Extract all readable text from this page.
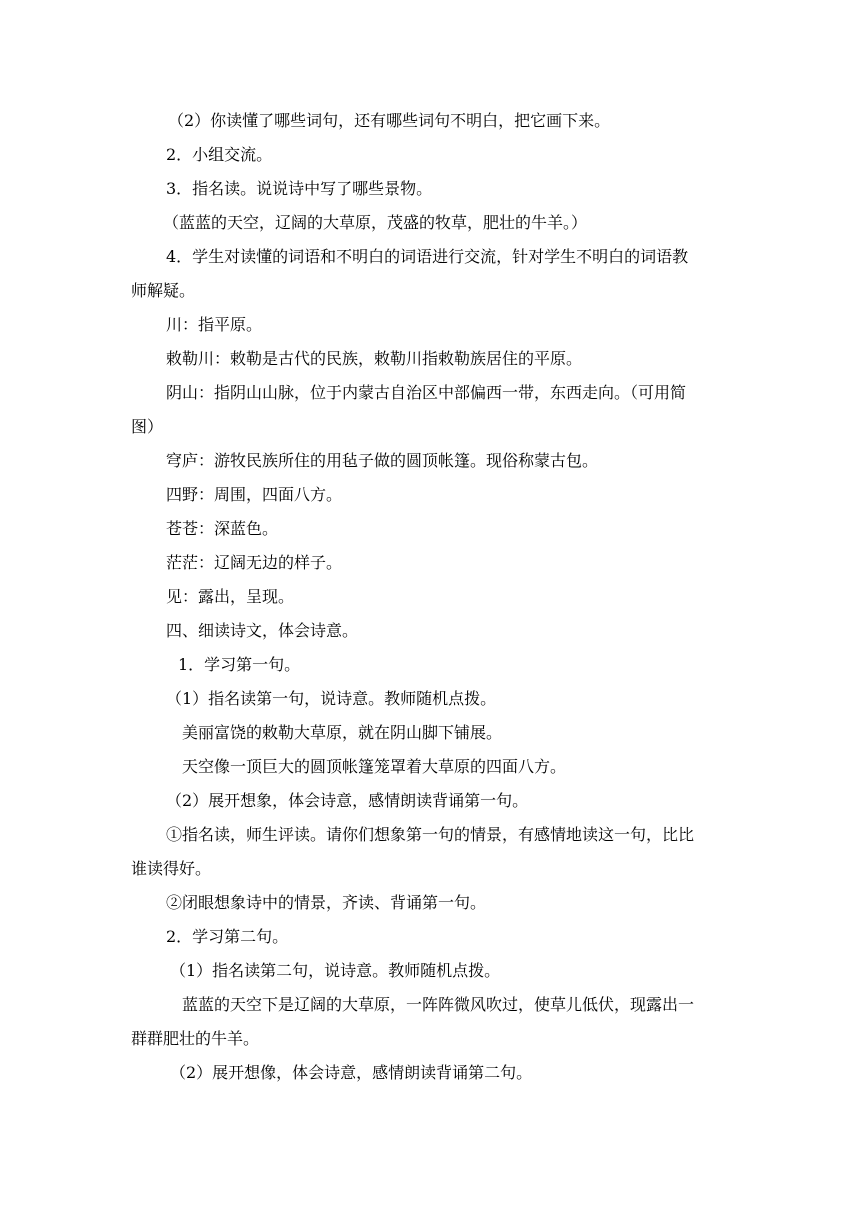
（2）你读懂了哪些词句，还有哪些词句不明白，把它画下来。
2．小组交流。
3．指名读。说说诗中写了哪些景物。
（蓝蓝的天空，辽阔的大草原，茂盛的牧草，肥壮的牛羊。）
4．学生对读懂的词语和不明白的词语进行交流，针对学生不明白的词语教
师解疑。
川：指平原。
敕勒川：敕勒是古代的民族，敕勒川指敕勒族居住的平原。
阴山：指阴山山脉，位于内蒙古自治区中部偏西一带，东西走向。（可用简
图）
穹庐：游牧民族所住的用毡子做的圆顶帐篷。现俗称蒙古包。
四野：周围，四面八方。
苍苍：深蓝色。
茫茫：辽阔无边的样子。
见：露出，呈现。
四、细读诗文，体会诗意。
1．学习第一句。
（1）指名读第一句，说诗意。教师随机点拨。
美丽富饶的敕勒大草原，就在阴山脚下铺展。
天空像一顶巨大的圆顶帐篷笼罩着大草原的四面八方。
（2）展开想象，体会诗意，感情朗读背诵第一句。
①指名读，师生评读。请你们想象第一句的情景，有感情地读这一句，比比
谁读得好。
②闭眼想象诗中的情景，齐读、背诵第一句。
2．学习第二句。
（1）指名读第二句，说诗意。教师随机点拨。
蓝蓝的天空下是辽阔的大草原，一阵阵微风吹过，使草儿低伏，现露出一
群群肥壮的牛羊。
（2）展开想像，体会诗意，感情朗读背诵第二句。
